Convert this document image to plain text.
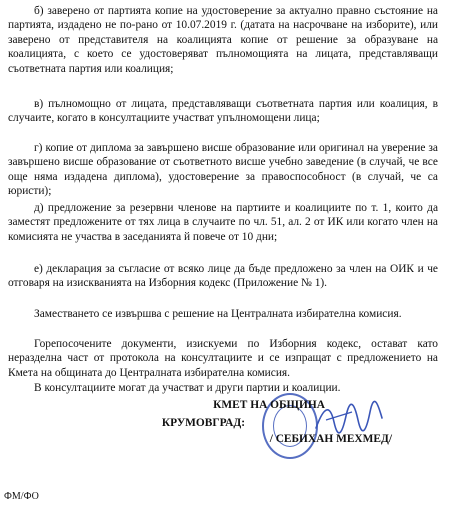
б) заверено от партията копие на удостоверение за актуално правно състояние на партията, издадено не по-рано от 10.07.2019 г. (датата на насрочване на изборите), или заверено от представителя на коалицията копие от решение за образуване на коалицията, с което се удостоверяват пълномощията на лицата, представляващи съответната партия или коалиция;

в) пълномощно от лицата, представляващи съответната партия или коалиция, в случаите, когато в консултациите участват упълномощени лица;

г) копие от диплома за завършено висше образование или оригинал на уверение за завършено висше образование от съответното висше учебно заведение (в случай, че все още няма издадена диплома), удостоверение за правоспособност (в случай, че са юристи);

д) предложение за резервни членове на партиите и коалициите по т. 1, които да заместят предложените от тях лица в случаите по чл. 51, ал. 2 от ИК или когато член на комисията не участва в заседанията й повече от 10 дни;

е) декларация за съгласие от всяко лице да бъде предложено за член на ОИК и че отговаря на изискванията на Изборния кодекс (Приложение № 1).

Заместването се извършва с решение на Централната избирателна комисия.

Горепосочените документи, изискуеми по Изборния кодекс, остават като неразделна част от протокола на консултациите и се изпращат с предложението на Кмета на общината до Централната избирателна комисия.

В консултациите могат да участват и други партии и коалиции.

КМЕТ НА ОБЩИНА

КРУМОВГРАД:

/ СЕБИХАН МЕХМЕД/

ФМ/ФО
